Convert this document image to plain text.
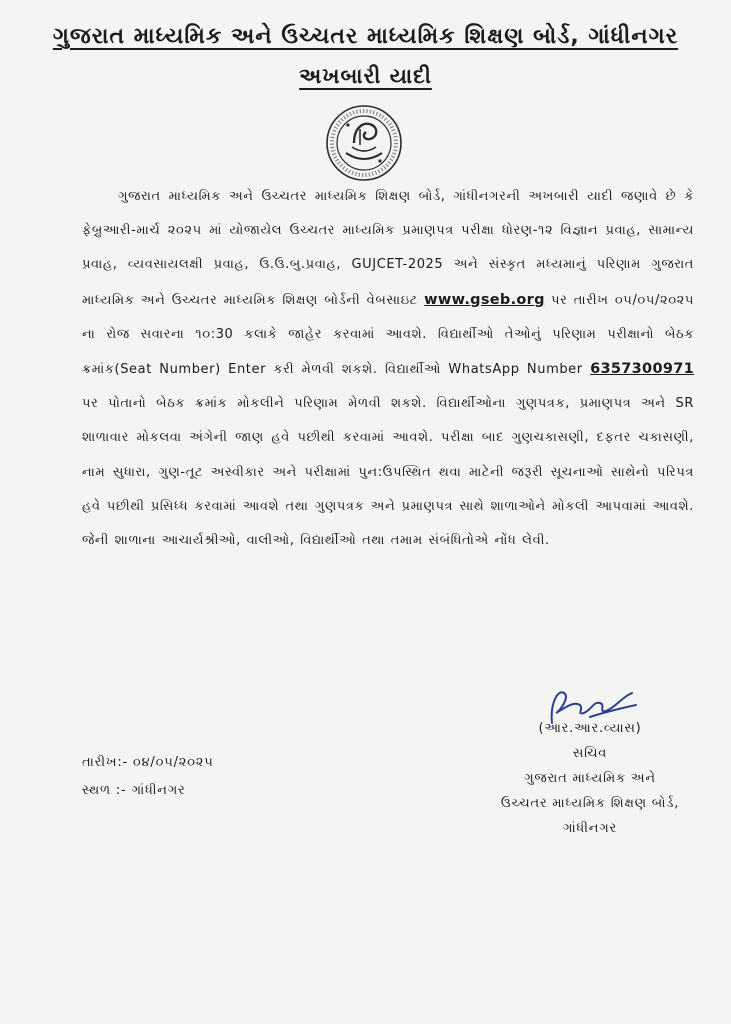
ગુજરાત માધ્યમિક અને ઉચ્ચતર માધ્યમિક શિક્ષણ બોર્ડ, ગાંધીનગર
અખબારી યાદી
ગુજરાત માધ્યમિક અને ઉચ્ચતર માધ્યમિક શિક્ષણ બોર્ડ, ગાંધીનગરની અખબારી યાદી જણાવે છે કે ફેબ્રુઆરી-માર્ચ ૨૦૨૫ માં યોજાયેલ ઉચ્ચતર માધ્યમિક પ્રમાણપત્ર પરીક્ષા ધોરણ-૧૨ વિજ્ઞાન પ્રવાહ, સામાન્ય પ્રવાહ, વ્યવસાયલક્ષી પ્રવાહ, ઉ.ઉ.બુ.પ્રવાહ, GUJCET-2025 અને સંસ્કૃત મધ્યમાનું પરિણામ ગુજરાત માધ્યમિક અને ઉચ્ચતર માધ્યમિક શિક્ષણ બોર્ડની વેબસાઇટ www.gseb.org પર તારીખ ૦૫/૦૫/૨૦૨૫ ના રોજ સવારના ૧૦:30 કલાકે જાહેર કરવામાં આવશે. વિદ્યાર્થીઓ તેઓનું પરિણામ પરીક્ષાનો બેઠક ક્રમાંક(Seat Number) Enter કરી મેળવી શકશે. વિદ્યાર્થીઓ WhatsApp Number 6357300971 પર પોતાનો બેઠક ક્રમાંક મોકલીને પરિણામ મેળવી શકશે. વિદ્યાર્થીઓના ગુણપત્રક, પ્રમાણપત્ર અને SR શાળાવાર મોકલવા અંગેની જાણ હવે પછીથી કરવામાં આવશે. પરીક્ષા બાદ ગુણચકાસણી, દફતર ચકાસણી, નામ સુધારા, ગુણ-તૂટ અસ્વીકાર અને પરીક્ષામાં પુન:ઉપસ્થિત થવા માટેની જરૂરી સૂચનાઓ સાથેનો પરિપત્ર હવે પછીથી પ્રસિધ્ધ કરવામાં આવશે તથા ગુણપત્રક અને પ્રમાણપત્ર સાથે શાળાઓને મોકલી આપવામાં આવશે. જેની શાળાના આચાર્યશ્રીઓ, વાલીઓ, વિદ્યાર્થીઓ તથા તમામ સંબંધિતોએ નોંધ લેવી.
(આર.આર.વ્યાસ)
સચિવ
ગુજરાત માધ્યમિક અને
ઉચ્ચતર માધ્યમિક શિક્ષણ બોર્ડ,
ગાંધીનગર
તારીખ:- ૦૪/૦૫/૨૦૨૫
સ્થળ :- ગાંધીનગર
